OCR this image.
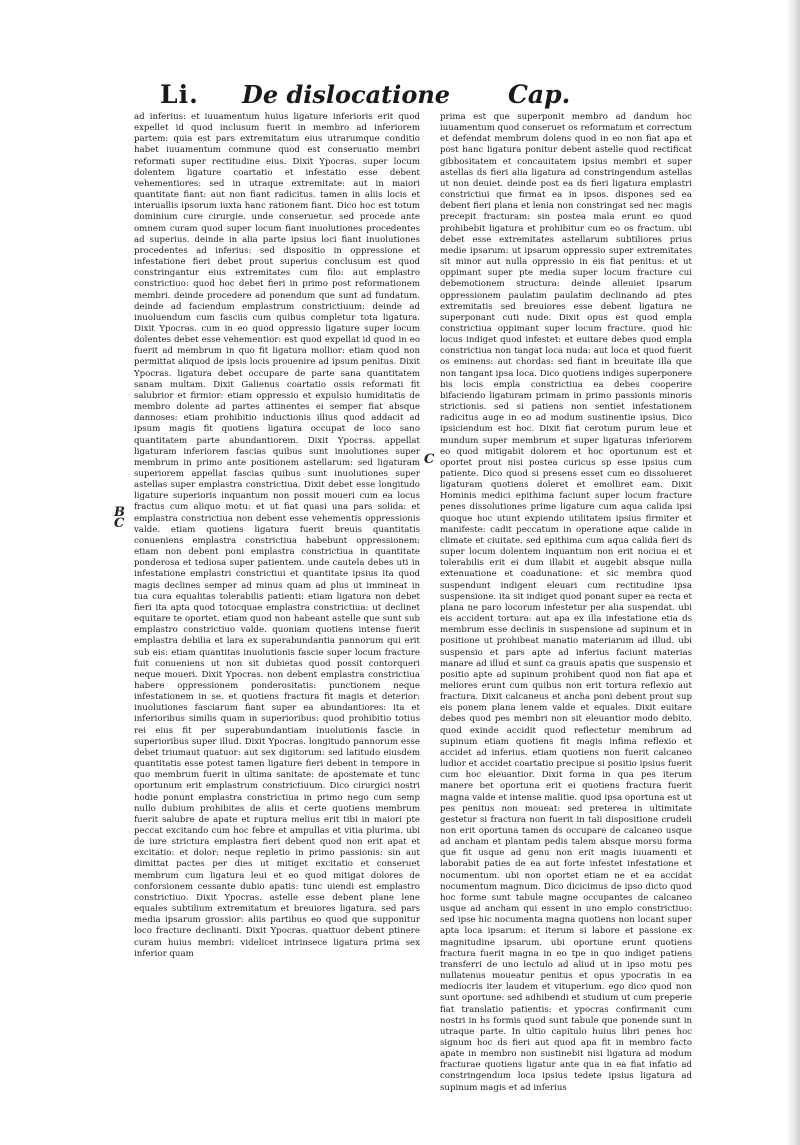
Li. De dislocatione Cap.

ad inferius: et iuuamentum huius ligature inferioris erit quod expellet id quod inclusum fuerit in membro ad inferiorem partem: quia est pars extremitatum eius utrarumque conditio habet iuuamentum commune quod est conseruatio membri reformati super rectitudine eius. Dixit Ypocras. super locum dolentem ligature coartatio et infestatio esse debent vehementiores: sed in utraque extremitate: aut in maiori quantitate fiant: aut non fiant radicitus. tamen in aliis locis et interuallis ipsorum iuxta hanc rationem fiant. Dico hoc est totum dominium cure cirurgie. unde conseruetur. sed procede ante omnem curam quod super locum fiant inuolutiones procedentes ad superius. deinde in alia parte ipsius loci fiant inuolutiones procedentes ad inferius: sed dispositio in oppressione et infestatione fieri debet prout superius conclusum est quod constringantur eius extremitates cum filo: aut emplastro constrictiuo: quod hoc debet fieri in primo post reformationem membri. deinde procedere ad ponendum que sunt ad fundatum. deinde ad faciendum emplastrum constrictiuum: deinde ad inuoluendum cum fasciis cum quibus completur tota ligatura. Dixit Ypocras. cum in eo quod oppressio ligature super locum dolentes debet esse vehementior: est quod expellat id quod in eo fuerit ad membrum in quo fit ligatura mollior: etiam quod non permittat aliquod de ipsis locis prouenire ad ipsum penitus. Dixit Ypocras. ligatura debet occupare de parte sana quantitatem sanam multam. Dixit Galienus coartatio ossis reformati fit salubrior et firmior: etiam oppressio et expulsio humiditatis de membro dolente ad partes attinentes ei semper fiat absque dannoses: etiam prohibitio inductionis illius quod addacit ad ipsum magis fit quotiens ligatura occupat de loco sano quantitatem parte abundantiorem. Dixit Ypocras. appellat ligaturam inferiorem fascias quibus sunt inuolutiones super membrum in primo ante positionem astellarum: sed ligaturam superiorem appellat fascias quibus sunt inuolutiones super astellas super emplastra constrictiua. Dixit debet esse longitudo ligature superioris inquantum non possit moueri cum ea locus fractus cum aliquo motu: et ut fiat quasi una pars solida: et emplastra constrictiua non debent esse vehementis oppressionis valde. etiam quotiens ligatura fuerit breuis quantitatis conueniens emplastra constrictiua habebunt oppressionem: etiam non debent poni emplastra constrictiua in quantitate ponderosa et tediosa super patientem. unde cautela debes uti in infestatione emplastri constrictiui et quantitate ipsius ita quod magis declines semper ad minus quam ad plus ut immineat in tua cura equalitas tolerabilis patienti: etiam ligatura non debet fieri ita apta quod totocquae emplastra constrictiua: ut declinet equitare te oportet. etiam quod non habeant astelle que sunt sub emplastro constrictiuo valde. quoniam quotiens intense fuerit emplastra debilia et lara ex superabundantia pannorum qui erit sub eis: etiam quantitas inuolutionis fascie super locum fracture fuit conueniens ut non sit dubietas quod possit contorqueri neque moueri. Dixit Ypocras. non debent emplastra constrictiua habere oppressionem ponderositatis: punctionem neque infestationem in se. et quotiens fractura fit magis et deterior: inuolutiones fasciarum fiant super ea abundantiores: ita et inferioribus similis quam in superioribus: quod prohibitio totius rei eius fit per superabundantiam inuolutionis fascie in superioribus super illud. Dixit Ypocras. longitudo pannorum esse debet triumaut quatuor: aut sex digitorum: sed latitudo eiusdem quantitatis esse potest tamen ligature fieri debent in tempore in quo membrum fuerit in ultima sanitate: de apostemate et tunc oportunum erit emplastrum constrictiuum. Dico cirurgici nostri hodie ponunt emplastra constrictiua in primo nego cum semp nullo dubium prohibites de aliis et certe quotiens membrum fuerit salubre de apate et ruptura melius erit tibi in maiori pte peccat excitando cum hoc febre et ampullas et vitia plurima. ubi de iure strictura emplastra fieri debent quod non erit apat et excitatio: et dolor: neque repletio in primo passionis: sin aut dimittat pactes per dies ut mitiget excitatio et conseruet membrum cum ligatura leui et eo quod mitigat dolores de conforsionem cessante dubio apatis: tunc uiendi est emplastro constrictiuo. Dixit Ypocras. astelle esse debent plane lene equales subtilium extremitatum et breuiores ligatura. sed pars media ipsarum grossior: aliis partibus eo quod que supponitur loco fracture declinanti. Dixit Ypocras. quattuor debent ptinere curam huius membri: videlicet intrinsece ligatura prima sex inferior quam

prima est que superponit membro ad dandum hoc iuuamentum quod conseruet os reformatum et correctum et defendat membrum dolens quod in eo non fiat apa et post hanc ligatura ponitur debent astelle quod rectificat gibbositatem et concauitatem ipsius membri et super astellas ds fieri alia ligatura ad constringendum astellas ut non deuiet. deinde post ea ds fieri ligatura emplastri constrictiui que firmat ea in ipsos. dispones sed ea debent fieri plana et lenia non constringat sed nec magis precepit fracturam: sin postea mala erunt eo quod prohibebit ligatura et prohibitur cum eo os fractum. ubi debet esse extremitates astellarum subtiliores prius medie ipsarum: ut ipsarum oppressio super extremitates sit minor aut nulla oppressio in eis fiat penitus: et ut oppimant super pte media super locum fracture cui debemotionem structura: deinde alleuiet ipsarum oppressionem paulatim paulatim declinando ad ptes extremitatis sed breuiores esse debent ligatura ne superponant cuti nude. Dixit opus est quod empla constrictiua oppimant super locum fracture. quod hic locus indiget quod infestet: et euitare debes quod empla constrictiua non tangat loca nuda: aut loca et quod fuerit os eminens: aut chordas: sed fiant in breuitate illa que non tangant ipsa loca. Dico quotiens indiges superponere bis locis empla constrictiua ea debes cooperire bifaciendo ligaturam primam in primo passionis minoris strictionis. sed si patiens non sentiet infestationem radicitus auge in eo ad modum sustinentie ipsius. Dico ipsiciendum est hoc. Dixit fiat cerotum purum leue et mundum super membrum et super ligaturas inferiorem eo quod mitigabit dolorem et hoc oportunum est et oportet prout nisi postea curicus sp esse ipsius cum patiente. Dico quod si presens esset cum eo dissolueret ligaturam quotiens doleret et emolliret eam. Dixit Hominis medici epithima faciunt super locum fracture penes dissolutiones prime ligature cum aqua calida ipsi quoque hoc utunt expiendo utilitatem ipsius firmiter et manifeste: cadit peccatum in operatione aque calide in climate et ciuitate. sed epithima cum aqua calida fieri ds super locum dolentem inquantum non erit nociua ei et tolerabilis erit ei dum illabit et augebit absque nulla extenuatione et coadunatione: et sic membra quod suspendunt indigent eleuari cum rectitudine ipsa suspensione. ita sit indiget quod ponant super ea recta et plana ne paro locorum infestetur per alia suspendat. ubi eis accident tortura: aut apa ex illa infestatione etia ds membrum esse declinis in suspensione ad supinum et in positione ut prohibeat manatio materiarum ad illud. ubi suspensio et pars apte ad inferius faciunt materias manare ad illud et sunt ca grauis apatis que suspensio et positio apte ad supinum prohibent quod non fiat apa et meliores erunt cum quibus non erit tortura reflexio aut fractura. Dixit calcaneus et ancha poni debent prout sup eis ponem plana lenem valde et equales. Dixit euitare debes quod pes membri non sit eleuantior modo debito. quod exinde accidit quod reflectetur membrum ad supinum etiam quotiens fit magis infima reflexio et accidet ad inferius. etiam quotiens non fuerit calcaneo ludior et accidet coartatio precipue si positio ipsius fuerit cum hoc eleuantior. Dixit forma in qua pes iterum manere bet oportuna erit ei quotiens fractura fuerit magna valde et intense malitie. quod ipsa oportuna est ut pes penitus non moueat: sed preterea in ultimitate gestetur si fractura non fuerit in tali dispositione crudeli non erit oportuna tamen ds occupare de calcaneo usque ad ancham et plantam pedis talem absque morsu forma que fit usque ad genu non erit magis iuuamenti et laborabit paties de ea aut forte infestet infestatione et nocumentum. ubi non oportet etiam ne et ea accidat nocumentum magnum. Dico dicicimus de ipso dicto quod hoc forme sunt tabule magne occupantes de calcaneo usque ad ancham qui essent in uno emplo constrictiuo: sed ipse hic nocumenta magna quotiens non locant super apta loca ipsarum: et iterum si labore et passione ex magnitudine ipsarum. ubi oportune erunt quotiens fractura fuerit magna in eo tpe in quo indiget patiens transferri de uno lectulo ad aliud ut in ipso motu pes nullatenus moueatur penitus et opus ypocratis in ea mediocris iter laudem et vituperium. ego dico quod non sunt oportune: sed adhibendi et studium ut cum preperie fiat translatio patientis: et ypocras confirmanit cum nostri in hs formis quod sunt tabule que ponende sunt in utraque parte. In ultio capitulo huius libri penes hoc signum hoc ds fieri aut quod apa fit in membro facto apate in membro non sustinebit nisi ligatura ad modum fracturae quotiens ligatur ante qua in ea fiat infatio ad constringendum loca ipsius tedete ipsius ligatura ad supinum magis et ad inferius

B
C
C
